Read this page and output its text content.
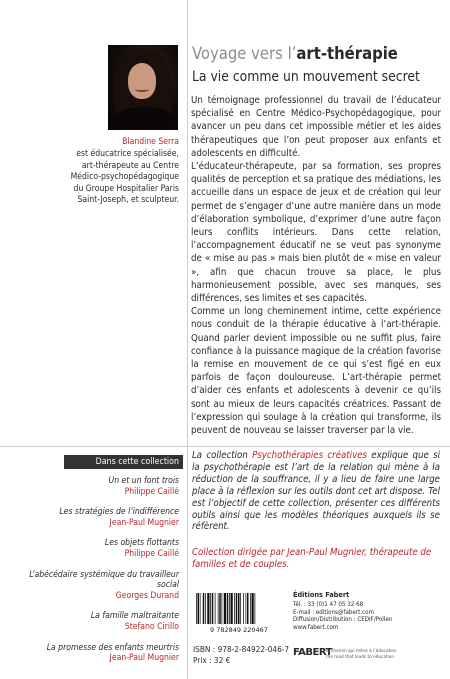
Blandine Serra
est éducatrice spécialisée,
art-thérapeute au Centre
Médico-psychopédagogique
du Groupe Hospitalier Paris
Saint-Joseph, et sculpteur.
Voyage vers l’art-thérapie
La vie comme un mouvement secret

Un témoignage professionnel du travail de l’éducateur spécialisé en Centre Médico-Psychopédagogique, pour avancer un peu dans cet impossible métier et les aides thérapeutiques que l’on peut proposer aux enfants et adolescents en difficulté.

L’éducateur-thérapeute, par sa formation, ses propres qualités de perception et sa pratique des médiations, les accueille dans un espace de jeux et de création qui leur permet de s’engager d’une autre manière dans un mode d’élaboration symbolique, d’exprimer d’une autre façon leurs conflits intérieurs. Dans cette relation, l’accompagnement éducatif ne se veut pas synonyme de « mise au pas » mais bien plutôt de « mise en valeur », afin que chacun trouve sa place, le plus harmonieusement possible, avec ses manques, ses différences, ses limites et ses capacités.

Comme un long cheminement intime, cette expérience nous conduit de la thérapie éducative à l’art-thérapie. Quand parler devient impossible ou ne suffit plus, faire confiance à la puissance magique de la création favorise la remise en mouvement de ce qui s’est figé en eux parfois de façon douloureuse. L’art-thérapie permet d’aider ces enfants et adolescents à devenir ce qu’ils sont au mieux de leurs capacités créatrices. Passant de l’expression qui soulage à la création qui transforme, ils peuvent de nouveau se laisser traverser par la vie.

Dans cette collection
Un et un font trois
Philippe Caillé
Les stratégies de l’indifférence
Jean-Paul Mugnier
Les objets flottants
Philippe Caillé
L’abécédaire systémique du travailleur social
Georges Durand
La famille maltraitante
Stefano Cirillo
La promesse des enfants meurtris
Jean-Paul Mugnier
La collection Psychothérapies créatives explique que si la psychothérapie est l’art de la relation qui mène à la réduction de la souffrance, il y a lieu de faire une large place à la réflexion sur les outils dont cet art dispose. Tel est l’objectif de cette collection, présenter ces différents outils ainsi que les modèles théoriques auxquels ils se réfèrent.
Collection dirigée par Jean-Paul Mugnier, thérapeute de familles et de couples.
9 782849 220467
ISBN : 978-2-84922-046-7
Prix : 32 €
Éditions Fabert
Tél. : 33 (0)1 47 05 32 68
E-mail : editions@fabert.com
Diffusion/Distribution : CEDIF/Pollen
www.fabert.com
FABERT
le chemin qui mène à l’éducation
the road that leads to education
